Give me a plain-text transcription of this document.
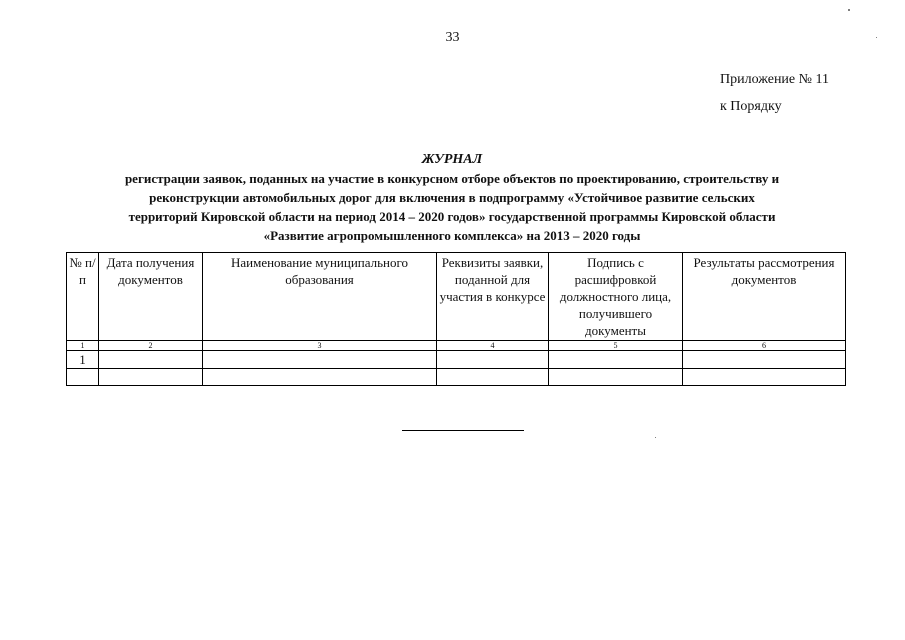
33
Приложение № 11
к Порядку
ЖУРНАЛ
регистрации заявок, поданных на участие в конкурсном отборе объектов по проектированию, строительству и
реконструкции автомобильных дорог для включения в подпрограмму «Устойчивое развитие сельских
территорий Кировской области на период 2014 – 2020 годов» государственной программы Кировской области
«Развитие агропромышленного комплекса» на 2013 – 2020 годы
№ п/п	Дата получения документов	Наименование муниципального образования	Реквизиты заявки, поданной для участия в конкурсе	Подпись с расшифровкой должностного лица, получившего документы	Результаты рассмотрения документов
1	2	3	4	5	6
1					
